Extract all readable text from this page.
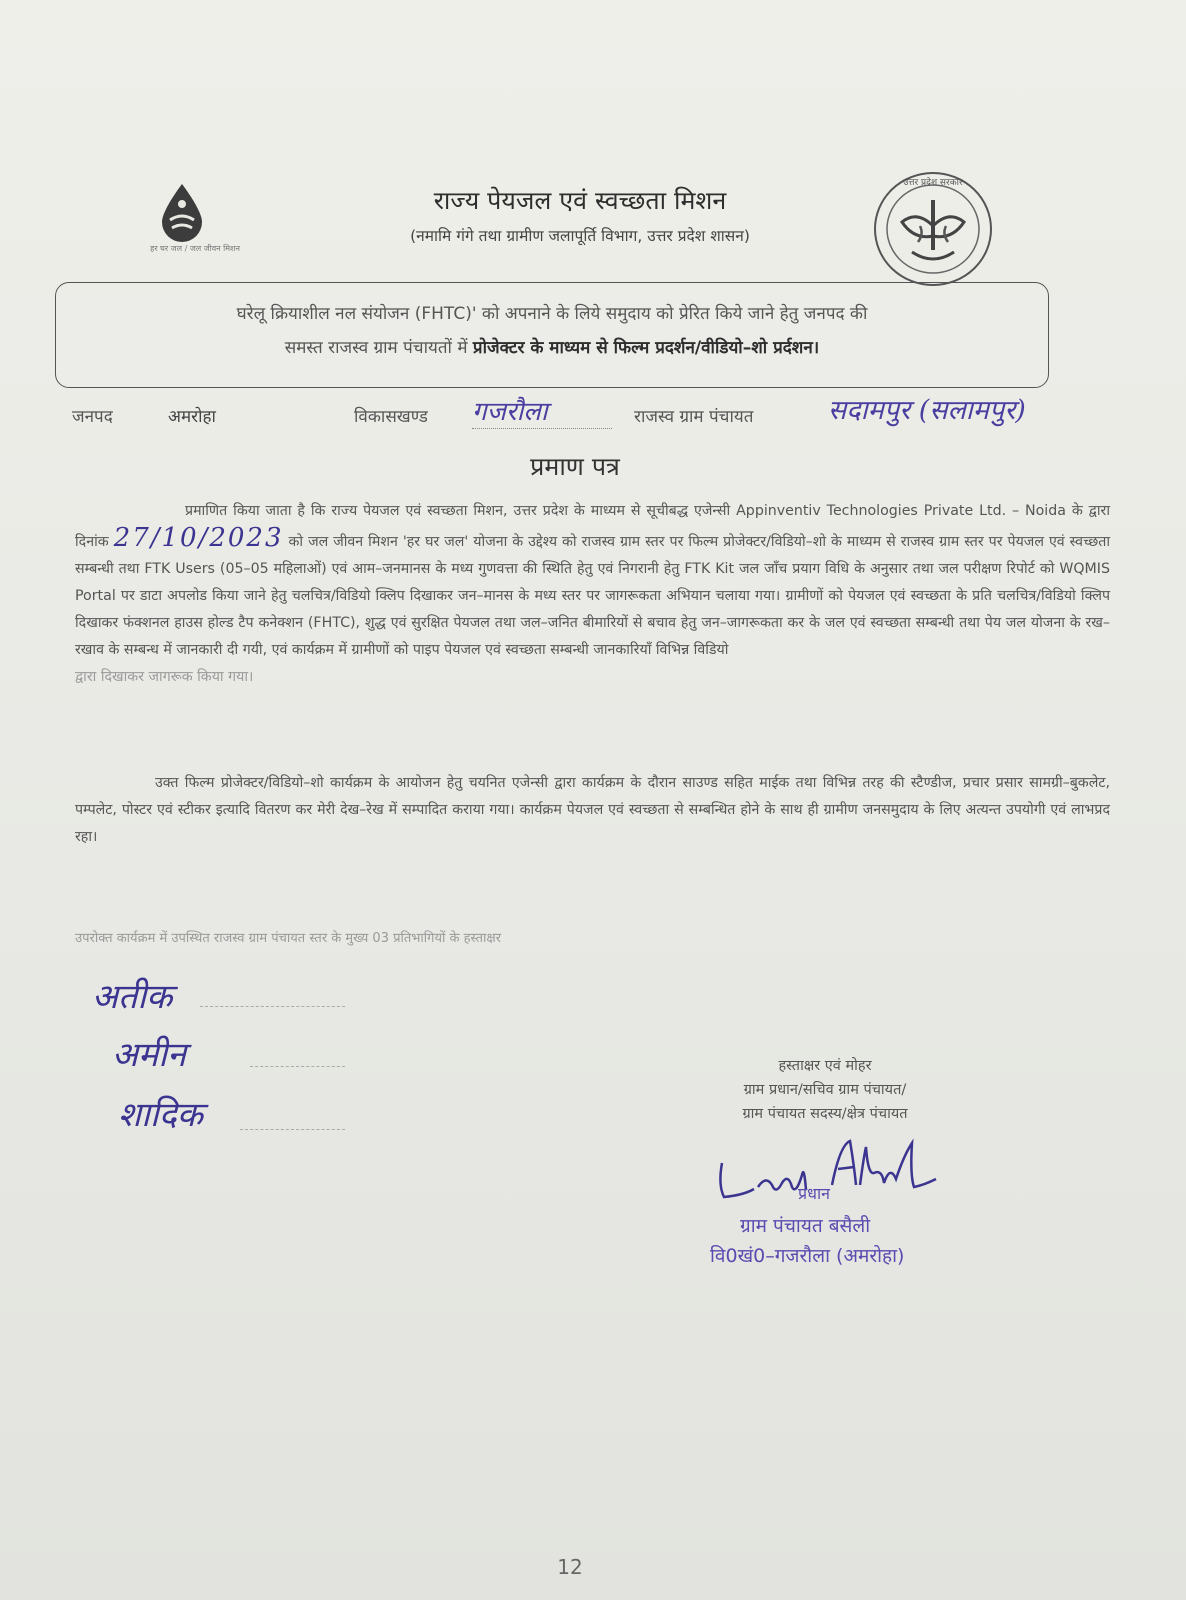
हर घर जल / जल जीवन मिशन
राज्य पेयजल एवं स्वच्छता मिशन
(नमामि गंगे तथा ग्रामीण जलापूर्ति विभाग, उत्तर प्रदेश शासन)
उत्तर प्रदेश सरकार
घरेलू क्रियाशील नल संयोजन (FHTC)' को अपनाने के लिये समुदाय को प्रेरित किये जाने हेतु जनपद की
समस्त राजस्व ग्राम पंचायतों में प्रोजेक्टर के माध्यम से फिल्म प्रदर्शन/वीडियो–शो प्रर्दशन।
जनपद	अमरोहा	विकासखण्ड गजरौला	राजस्व ग्राम पंचायत	सदामपुर (सलामपुर)
प्रमाण पत्र
प्रमाणित किया जाता है कि राज्य पेयजल एवं स्वच्छता मिशन, उत्तर प्रदेश के माध्यम से सूचीबद्ध एजेन्सी Appinventiv Technologies Private Ltd. – Noida के द्वारा दिनांक 27/10/2023 को जल जीवन मिशन 'हर घर जल' योजना के उद्देश्य को राजस्व ग्राम स्तर पर फिल्म प्रोजेक्टर/विडियो–शो के माध्यम से राजस्व ग्राम स्तर पर पेयजल एवं स्वच्छता सम्बन्धी तथा FTK Users (05–05 महिलाओं) एवं आम–जनमानस के मध्य गुणवत्ता की स्थिति हेतु एवं निगरानी हेतु FTK Kit जल जाँच प्रयाग विधि के अनुसार तथा जल परीक्षण रिपोर्ट को WQMIS Portal पर डाटा अपलोड किया जाने हेतु चलचित्र/विडियो क्लिप दिखाकर जन–मानस के मध्य स्तर पर जागरूकता अभियान चलाया गया। ग्रामीणों को पेयजल एवं स्वच्छता के प्रति चलचित्र/विडियो क्लिप दिखाकर फंक्शनल हाउस होल्ड टैप कनेक्शन (FHTC), शुद्ध एवं सुरक्षित पेयजल तथा जल–जनित बीमारियों से बचाव हेतु जन–जागरूकता कर के जल एवं स्वच्छता सम्बन्धी तथा पेय जल योजना के रख–रखाव के सम्बन्ध में जानकारी दी गयी, एवं कार्यक्रम में ग्रामीणों को पाइप पेयजल एवं स्वच्छता सम्बन्धी जानकारियाँ विभिन्न विडियो
द्वारा दिखाकर जागरूक किया गया।
उक्त फिल्म प्रोजेक्टर/विडियो–शो कार्यक्रम के आयोजन हेतु चयनित एजेन्सी द्वारा कार्यक्रम के दौरान साउण्ड सहित माईक तथा विभिन्न तरह की स्टैण्डीज, प्रचार प्रसार सामग्री–बुकलेट, पम्पलेट, पोस्टर एवं स्टीकर इत्यादि वितरण कर मेरी देख–रेख में सम्पादित कराया गया। कार्यक्रम पेयजल एवं स्वच्छता से सम्बन्धित होने के साथ ही ग्रामीण जनसमुदाय के लिए अत्यन्त उपयोगी एवं लाभप्रद रहा।
उपरोक्त कार्यक्रम में उपस्थित राजस्व ग्राम पंचायत स्तर के मुख्य 03 प्रतिभागियों के हस्ताक्षर
अतीक
अमीन
शादिक
हस्ताक्षर एवं मोहर
ग्राम प्रधान/सचिव ग्राम पंचायत/
ग्राम पंचायत सदस्य/क्षेत्र पंचायत
प्रधान
ग्राम पंचायत बसैली
वि0खं0–गजरौला (अमरोहा)
12
